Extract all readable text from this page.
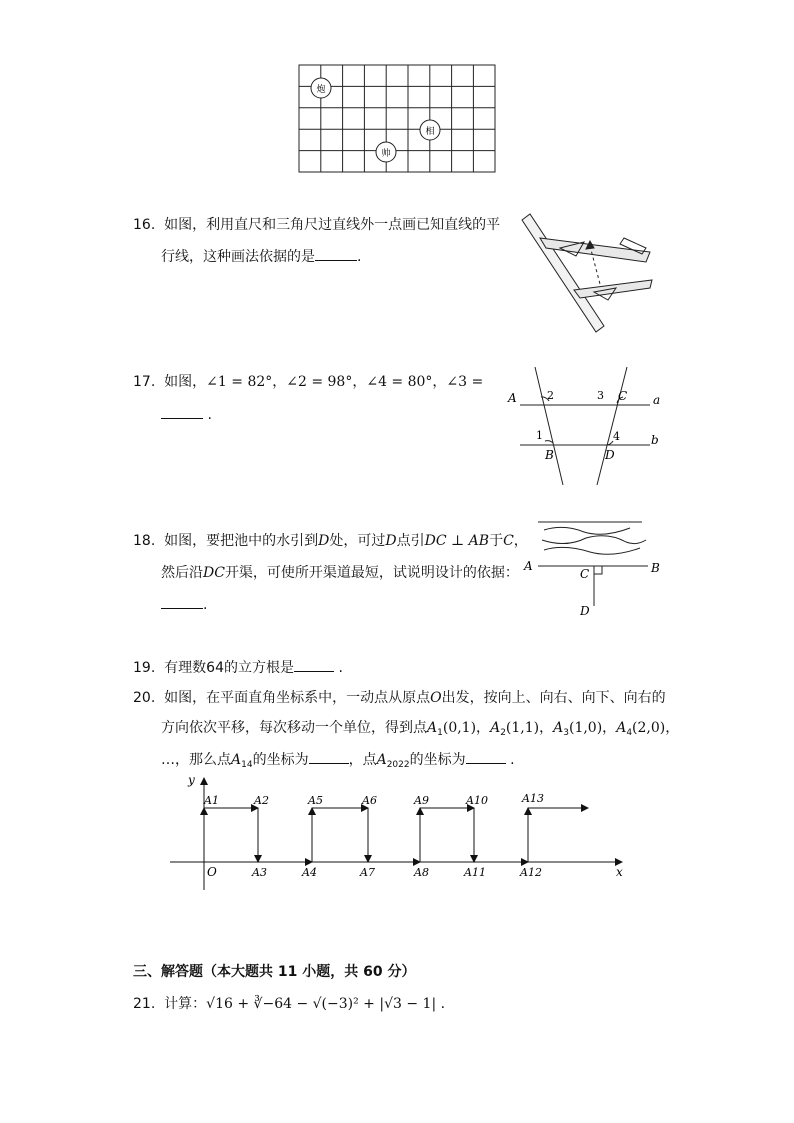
炮
相
帅
16. 如图，利用直尺和三角尺过直线外一点画已知直线的平
行线，这种画法依据的是	.
17. 如图，∠1 = 82°，∠2 = 98°，∠4 = 80°，∠3 =
.
A
B
C
D
a
b
2	3
1	4
18. 如图，要把池中的水引到D处，可过D点引DC ⊥ AB于C，
然后沿DC开渠，可使所开渠道最短，试说明设计的依据：
.
A	B
C
D
19. 有理数64的立方根是	.
20. 如图，在平面直角坐标系中，一动点从原点O出发，按向上、向右、向下、向右的
方向依次平移，每次移动一个单位，得到点$A_1(0,1)$，$A_2(1,1)$，$A_3(1,0)$，$A_4(2,0)$，
…，那么点$A_{14}$的坐标为	，点$A_{2022}$的坐标为	.
y
x
O
A1	A2	A5	A6	A9	A10	A13
A3	A4	A7	A8	A11	A12
三、解答题（本大题共 11 小题，共 60 分）
21. 计算：√16 + ∛−64 − √(−3)² + |√3 − 1| .
